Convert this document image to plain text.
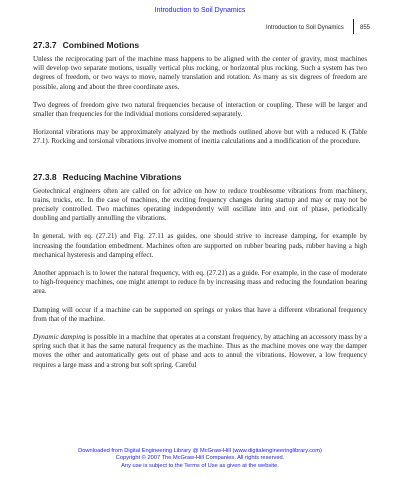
Introduction to Soil Dynamics
Introduction to Soil Dynamics	855
27.3.7 Combined Motions

Unless the reciprocating part of the machine mass happens to be aligned with the center of gravity, most machines will develop two separate motions, usually vertical plus rocking, or horizontal plus rocking. Such a system has two degrees of freedom, or two ways to move, namely translation and rotation. As many as six degrees of freedom are possible, along and about the three coordinate axes.

Two degrees of freedom give two natural frequencies because of interaction or coupling. These will be larger and smaller than frequencies for the individual motions considered separately.

Horizontal vibrations may be approximately analyzed by the methods outlined above but with a reduced K (Table 27.1). Rocking and torsional vibrations involve moment of inertia calculations and a modification of the procedure.

27.3.8 Reducing Machine Vibrations

Geotechnical engineers often are called on for advice on how to reduce troublesome vibrations from machinery, trains, trucks, etc. In the case of machines, the exciting frequency changes during startup and may or may not be precisely controlled. Two machines operating independently will oscillate into and out of phase, periodically doubling and partially annulling the vibrations.

In general, with eq. (27.21) and Fig. 27.11 as guides, one should strive to increase damping, for example by increasing the foundation embedment. Machines often are supported on rubber bearing pads, rubber having a high mechanical hysteresis and damping effect.

Another approach is to lower the natural frequency, with eq. (27.21) as a guide. For example, in the case of moderate to high-frequency machines, one might attempt to reduce fn by increasing mass and reducing the foundation bearing area.

Damping will occur if a machine can be supported on springs or yokes that have a different vibrational frequency from that of the machine.

Dynamic damping is possible in a machine that operates at a constant frequency, by attaching an accessory mass by a spring such that it has the same natural frequency as the machine. Thus as the machine moves one way the damper moves the other and automatically gets out of phase and acts to annul the vibrations. However, a low frequency requires a large mass and a strong but soft spring. Careful

Downloaded from Digital Engineering Library @ McGraw-Hill (www.digitalengineeringlibrary.com)
Copyright © 2007 The McGraw-Hill Companies. All rights reserved.
Any use is subject to the Terms of Use as given at the website.
